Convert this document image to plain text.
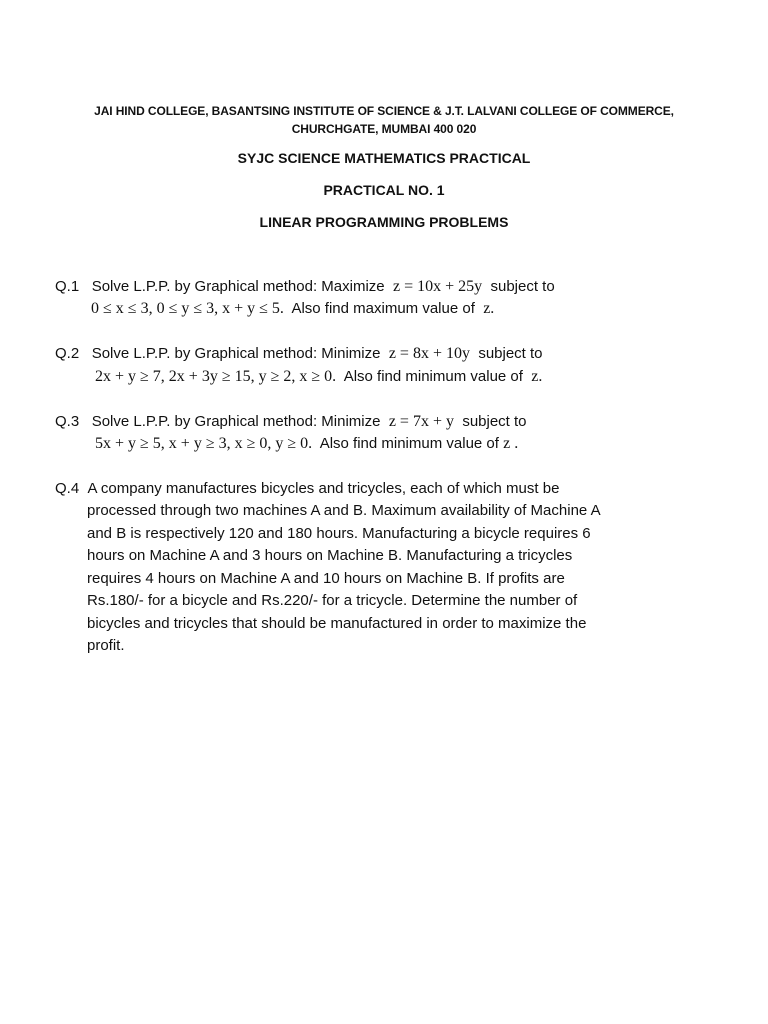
JAI HIND COLLEGE, BASANTSING INSTITUTE OF SCIENCE & J.T. LALVANI COLLEGE OF COMMERCE,
CHURCHGATE, MUMBAI 400 020
SYJC SCIENCE MATHEMATICS PRACTICAL
PRACTICAL NO. 1
LINEAR PROGRAMMING PROBLEMS
Q.1 Solve L.P.P. by Graphical method: Maximize z = 10x + 25y subject to
0 ≤ x ≤ 3, 0 ≤ y ≤ 3, x + y ≤ 5. Also find maximum value of z.
Q.2 Solve L.P.P. by Graphical method: Minimize z = 8x + 10y subject to
2x + y ≥ 7, 2x + 3y ≥ 15, y ≥ 2, x ≥ 0. Also find minimum value of z.
Q.3 Solve L.P.P. by Graphical method: Minimize z = 7x + y subject to
5x + y ≥ 5, x + y ≥ 3, x ≥ 0, y ≥ 0. Also find minimum value of z .
Q.4 A company manufactures bicycles and tricycles, each of which must be
processed through two machines A and B. Maximum availability of Machine A
and B is respectively 120 and 180 hours. Manufacturing a bicycle requires 6
hours on Machine A and 3 hours on Machine B. Manufacturing a tricycles
requires 4 hours on Machine A and 10 hours on Machine B. If profits are
Rs.180/- for a bicycle and Rs.220/- for a tricycle. Determine the number of
bicycles and tricycles that should be manufactured in order to maximize the
profit.
